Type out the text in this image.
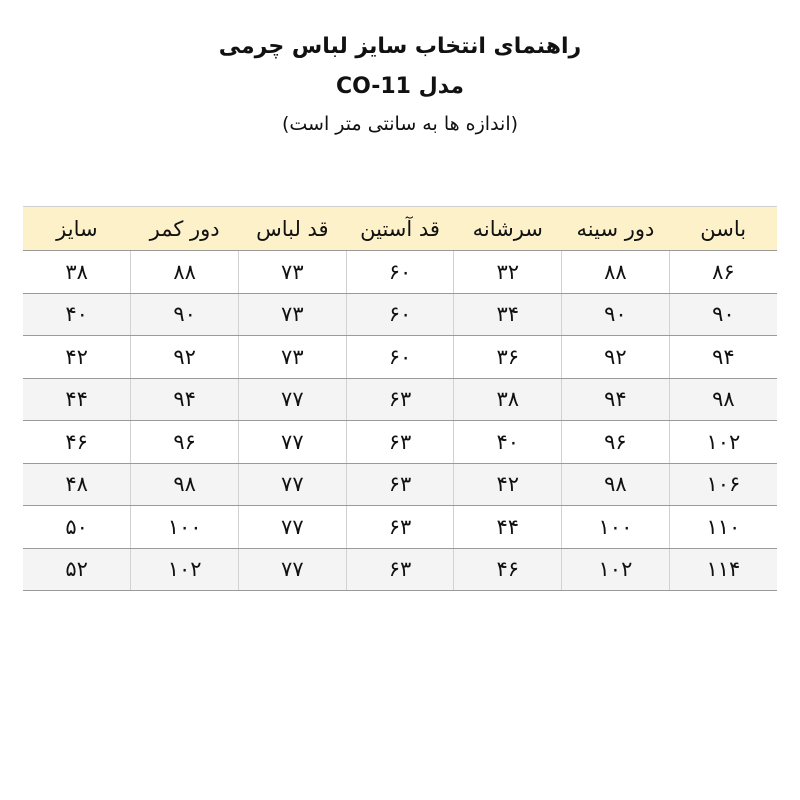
راهنمای انتخاب سایز لباس چرمی
مدل CO-11
(اندازه ها به سانتی متر است)
باسن	دور سینه	سرشانه	قد آستین	قد لباس	دور کمر	سایز
۸۶	۸۸	۳۲	۶۰	۷۳	۸۸	۳۸
۹۰	۹۰	۳۴	۶۰	۷۳	۹۰	۴۰
۹۴	۹۲	۳۶	۶۰	۷۳	۹۲	۴۲
۹۸	۹۴	۳۸	۶۳	۷۷	۹۴	۴۴
۱۰۲	۹۶	۴۰	۶۳	۷۷	۹۶	۴۶
۱۰۶	۹۸	۴۲	۶۳	۷۷	۹۸	۴۸
۱۱۰	۱۰۰	۴۴	۶۳	۷۷	۱۰۰	۵۰
۱۱۴	۱۰۲	۴۶	۶۳	۷۷	۱۰۲	۵۲
